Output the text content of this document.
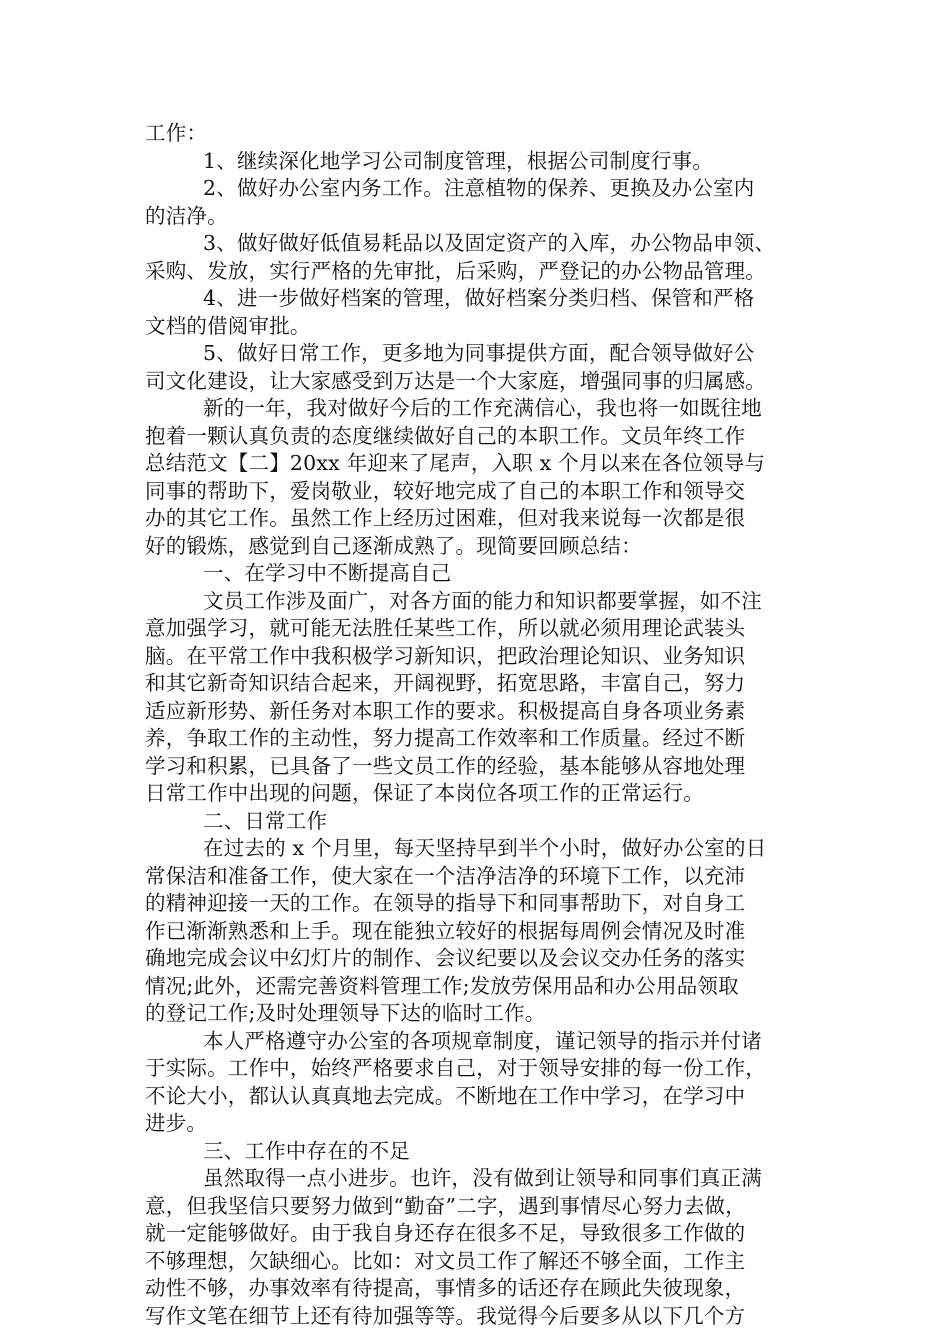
工作：
1、继续深化地学习公司制度管理，根据公司制度行事。
2、做好办公室内务工作。注意植物的保养、更换及办公室内
的洁净。
3、做好做好低值易耗品以及固定资产的入库，办公物品申领、
采购、发放，实行严格的先审批，后采购，严登记的办公物品管理。
4、进一步做好档案的管理，做好档案分类归档、保管和严格
文档的借阅审批。
5、做好日常工作，更多地为同事提供方面，配合领导做好公
司文化建设，让大家感受到万达是一个大家庭，增强同事的归属感。
新的一年，我对做好今后的工作充满信心，我也将一如既往地
抱着一颗认真负责的态度继续做好自己的本职工作。文员年终工作
总结范文【二】20xx 年迎来了尾声，入职 x 个月以来在各位领导与
同事的帮助下，爱岗敬业，较好地完成了自己的本职工作和领导交
办的其它工作。虽然工作上经历过困难，但对我来说每一次都是很
好的锻炼，感觉到自己逐渐成熟了。现简要回顾总结：
一、在学习中不断提高自己
文员工作涉及面广，对各方面的能力和知识都要掌握，如不注
意加强学习，就可能无法胜任某些工作，所以就必须用理论武装头
脑。在平常工作中我积极学习新知识，把政治理论知识、业务知识
和其它新奇知识结合起来，开阔视野，拓宽思路，丰富自己，努力
适应新形势、新任务对本职工作的要求。积极提高自身各项业务素
养，争取工作的主动性，努力提高工作效率和工作质量。经过不断
学习和积累，已具备了一些文员工作的经验，基本能够从容地处理
日常工作中出现的问题，保证了本岗位各项工作的正常运行。
二、日常工作
在过去的 x 个月里，每天坚持早到半个小时，做好办公室的日
常保洁和准备工作，使大家在一个洁净洁净的环境下工作，以充沛
的精神迎接一天的工作。在领导的指导下和同事帮助下，对自身工
作已渐渐熟悉和上手。现在能独立较好的根据每周例会情况及时准
确地完成会议中幻灯片的制作、会议纪要以及会议交办任务的落实
情况;此外，还需完善资料管理工作;发放劳保用品和办公用品领取
的登记工作;及时处理领导下达的临时工作。
本人严格遵守办公室的各项规章制度，谨记领导的指示并付诸
于实际。工作中，始终严格要求自己，对于领导安排的每一份工作，
不论大小，都认认真真地去完成。不断地在工作中学习，在学习中
进步。
三、工作中存在的不足
虽然取得一点小进步。也许，没有做到让领导和同事们真正满
意，但我坚信只要努力做到“勤奋”二字，遇到事情尽心努力去做，
就一定能够做好。由于我自身还存在很多不足，导致很多工作做的
不够理想，欠缺细心。比如：对文员工作了解还不够全面，工作主
动性不够，办事效率有待提高，事情多的话还存在顾此失彼现象，
写作文笔在细节上还有待加强等等。我觉得今后要多从以下几个方
